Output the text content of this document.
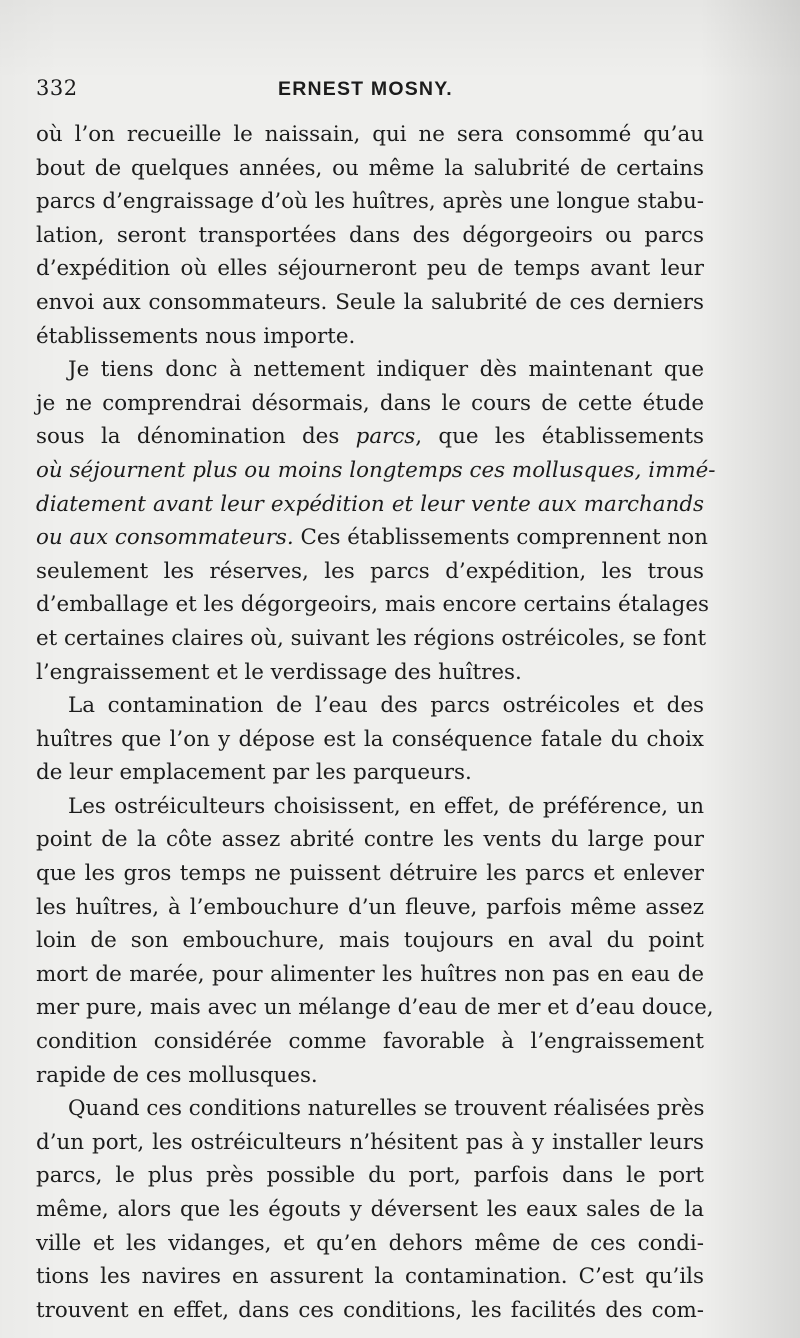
332	ERNEST MOSNY.
où l’on recueille le naissain, qui ne sera consommé qu’au
bout de quelques années, ou même la salubrité de certains
parcs d’engraissage d’où les huîtres, après une longue stabu-
lation, seront transportées dans des dégorgeoirs ou parcs
d’expédition où elles séjourneront peu de temps avant leur
envoi aux consommateurs. Seule la salubrité de ces derniers
établissements nous importe.
Je tiens donc à nettement indiquer dès maintenant que
je ne comprendrai désormais, dans le cours de cette étude
sous la dénomination des parcs, que les établissements
où séjournent plus ou moins longtemps ces mollusques, immé-
diatement avant leur expédition et leur vente aux marchands
ou aux consommateurs. Ces établissements comprennent non
seulement les réserves, les parcs d’expédition, les trous
d’emballage et les dégorgeoirs, mais encore certains étalages
et certaines claires où, suivant les régions ostréicoles, se font
l’engraissement et le verdissage des huîtres.
La contamination de l’eau des parcs ostréicoles et des
huîtres que l’on y dépose est la conséquence fatale du choix
de leur emplacement par les parqueurs.
Les ostréiculteurs choisissent, en effet, de préférence, un
point de la côte assez abrité contre les vents du large pour
que les gros temps ne puissent détruire les parcs et enlever
les huîtres, à l’embouchure d’un fleuve, parfois même assez
loin de son embouchure, mais toujours en aval du point
mort de marée, pour alimenter les huîtres non pas en eau de
mer pure, mais avec un mélange d’eau de mer et d’eau douce,
condition considérée comme favorable à l’engraissement
rapide de ces mollusques.
Quand ces conditions naturelles se trouvent réalisées près
d’un port, les ostréiculteurs n’hésitent pas à y installer leurs
parcs, le plus près possible du port, parfois dans le port
même, alors que les égouts y déversent les eaux sales de la
ville et les vidanges, et qu’en dehors même de ces condi-
tions les navires en assurent la contamination. C’est qu’ils
trouvent en effet, dans ces conditions, les facilités des com-
